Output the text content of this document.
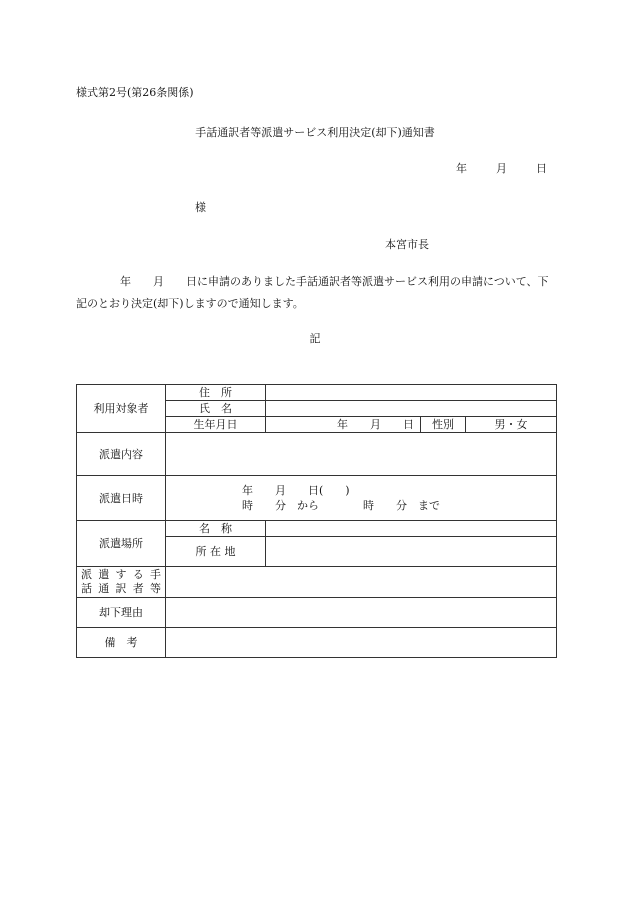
様式第2号(第26条関係)
手話通訳者等派遣サービス利用決定(却下)通知書
年	月	日
様
本宮市長
　　　　年　　月　　日に申請のありました手話通訳者等派遣サービス利用の申請について、下記のとおり決定(却下)しますので通知します。
記
利用対象者	住　所			
	氏　名			
	生年月日	年　　月　　日	性別	男・女
派遣内容				
派遣日時	年　　月　　日(　　)
時　　分　から　　　　時　　分　まで			

派遣場所	名　称			
	所 在 地			

派遣する手
話通訳者等				

却下理由				
備　考				
